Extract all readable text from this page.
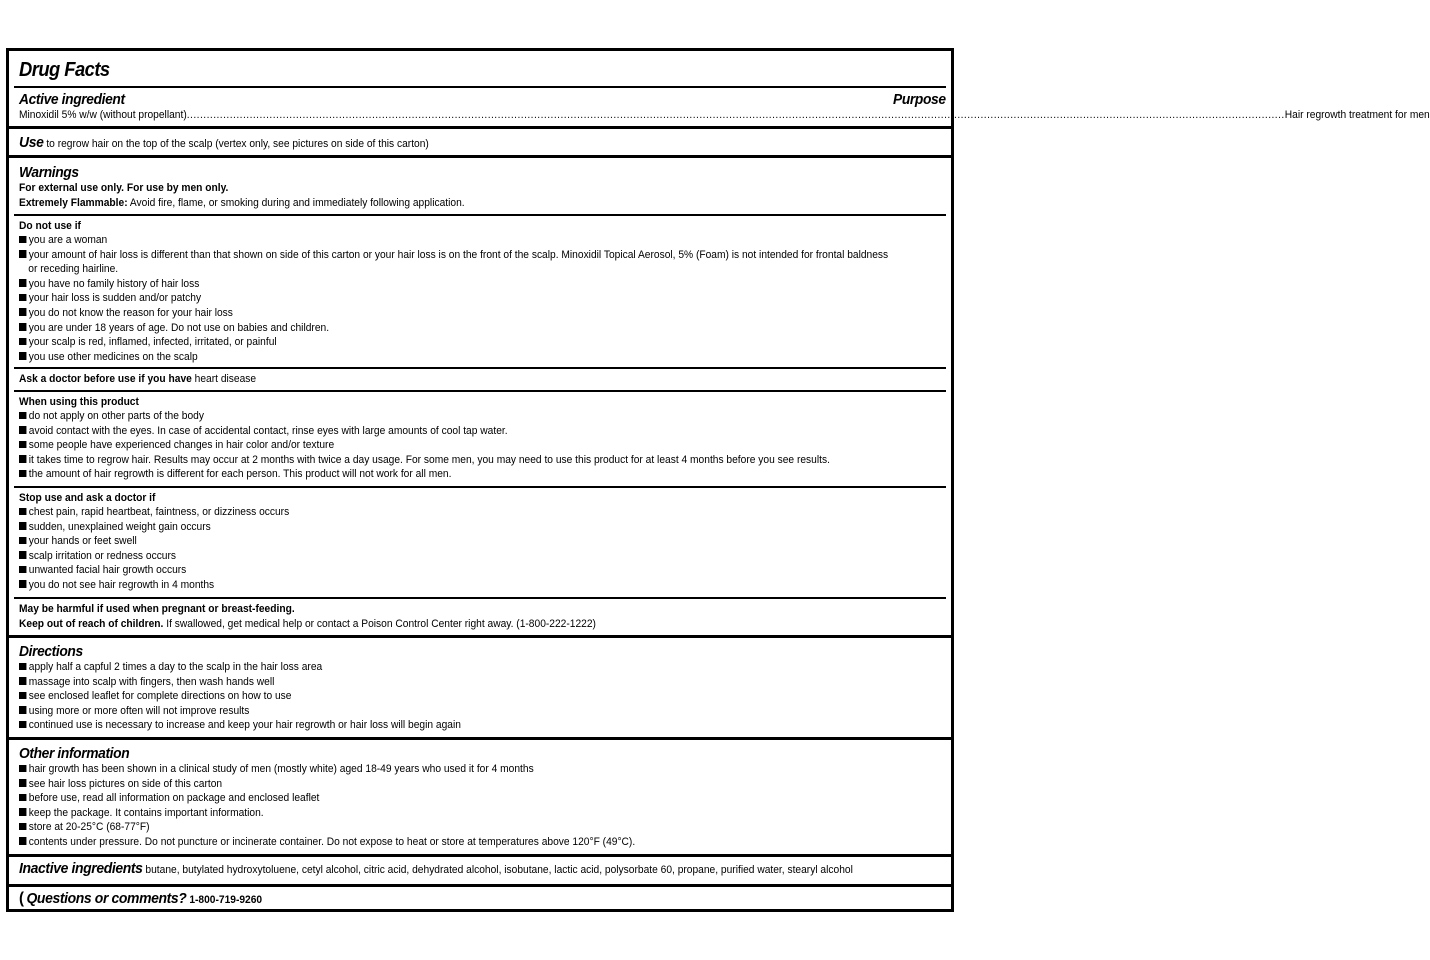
Drug Facts
Active ingredient	Purpose
Minoxidil 5% w/w (without propellant) ............................................................................................................................................................................................................................................................................................................................................ Hair regrowth treatment for men
Use to regrow hair on the top of the scalp (vertex only, see pictures on side of this carton)
Warnings
For external use only. For use by men only.
Extremely Flammable: Avoid fire, flame, or smoking during and immediately following application.
Do not use if
you are a woman
your amount of hair loss is different than that shown on side of this carton or your hair loss is on the front of the scalp. Minoxidil Topical Aerosol, 5% (Foam) is not intended for frontal baldness
or receding hairline.
you have no family history of hair loss
your hair loss is sudden and/or patchy
you do not know the reason for your hair loss
you are under 18 years of age. Do not use on babies and children.
your scalp is red, inflamed, infected, irritated, or painful
you use other medicines on the scalp
Ask a doctor before use if you have heart disease
When using this product
do not apply on other parts of the body
avoid contact with the eyes. In case of accidental contact, rinse eyes with large amounts of cool tap water.
some people have experienced changes in hair color and/or texture
it takes time to regrow hair. Results may occur at 2 months with twice a day usage. For some men, you may need to use this product for at least 4 months before you see results.
the amount of hair regrowth is different for each person. This product will not work for all men.
Stop use and ask a doctor if
chest pain, rapid heartbeat, faintness, or dizziness occurs
sudden, unexplained weight gain occurs
your hands or feet swell
scalp irritation or redness occurs
unwanted facial hair growth occurs
you do not see hair regrowth in 4 months
May be harmful if used when pregnant or breast-feeding.
Keep out of reach of children. If swallowed, get medical help or contact a Poison Control Center right away. (1-800-222-1222)
Directions
apply half a capful 2 times a day to the scalp in the hair loss area
massage into scalp with fingers, then wash hands well
see enclosed leaflet for complete directions on how to use
using more or more often will not improve results
continued use is necessary to increase and keep your hair regrowth or hair loss will begin again
Other information
hair growth has been shown in a clinical study of men (mostly white) aged 18-49 years who used it for 4 months
see hair loss pictures on side of this carton
before use, read all information on package and enclosed leaflet
keep the package. It contains important information.
store at 20-25°C (68-77°F)
contents under pressure. Do not puncture or incinerate container. Do not expose to heat or store at temperatures above 120°F (49°C).
Inactive ingredients butane, butylated hydroxytoluene, cetyl alcohol, citric acid, dehydrated alcohol, isobutane, lactic acid, polysorbate 60, propane, purified water, stearyl alcohol
( Questions or comments? 1-800-719-9260
